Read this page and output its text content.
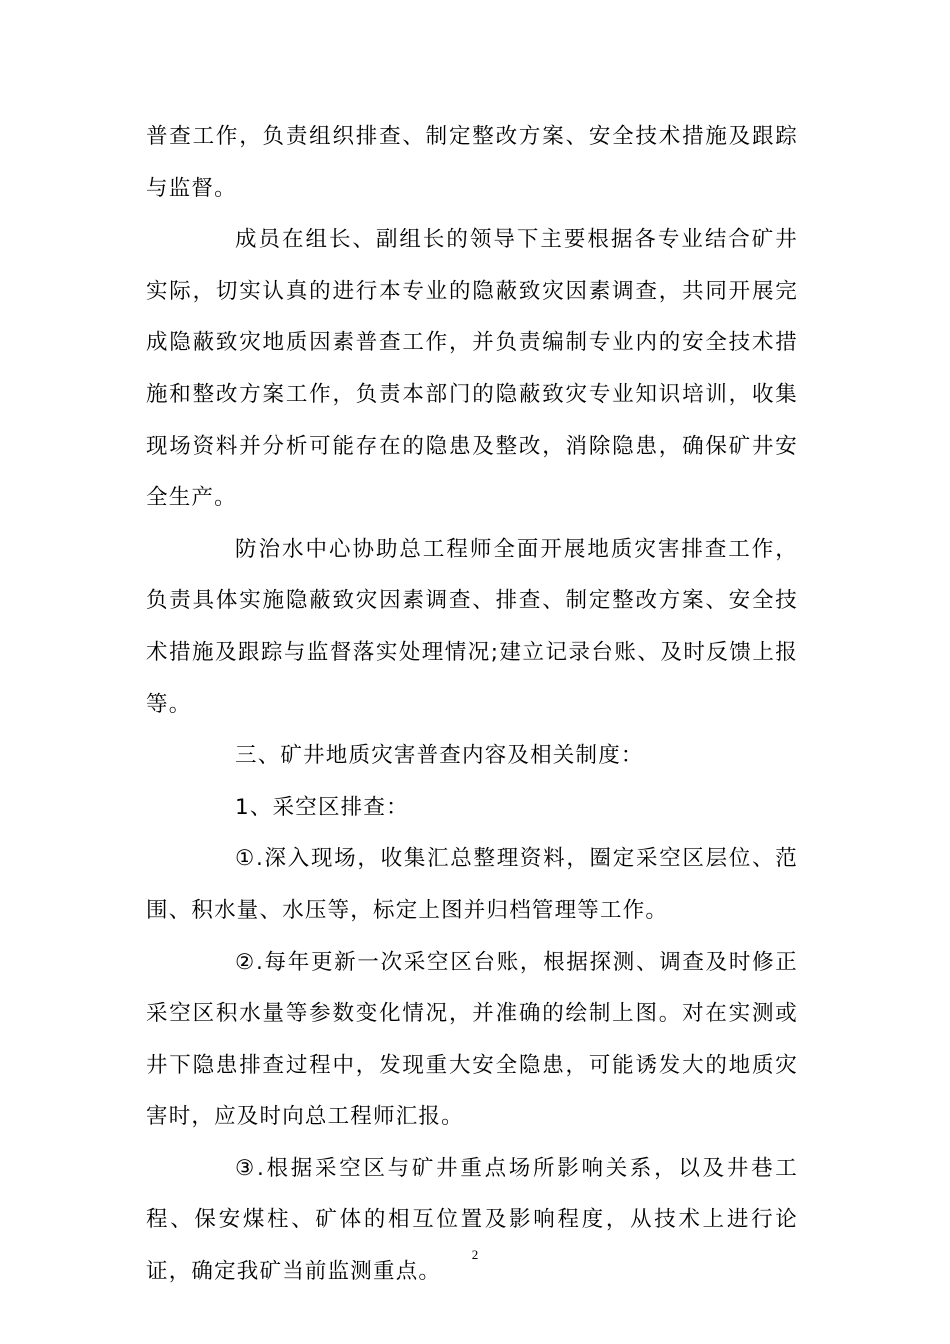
普查工作，负责组织排查、制定整改方案、安全技术措施及跟踪与监督。

成员在组长、副组长的领导下主要根据各专业结合矿井实际，切实认真的进行本专业的隐蔽致灾因素调查，共同开展完成隐蔽致灾地质因素普查工作，并负责编制专业内的安全技术措施和整改方案工作，负责本部门的隐蔽致灾专业知识培训，收集现场资料并分析可能存在的隐患及整改，消除隐患，确保矿井安全生产。

防治水中心协助总工程师全面开展地质灾害排查工作，负责具体实施隐蔽致灾因素调查、排查、制定整改方案、安全技术措施及跟踪与监督落实处理情况;建立记录台账、及时反馈上报等。

三、矿井地质灾害普查内容及相关制度：

1、采空区排查：

①.深入现场，收集汇总整理资料，圈定采空区层位、范围、积水量、水压等，标定上图并归档管理等工作。

②.每年更新一次采空区台账，根据探测、调查及时修正采空区积水量等参数变化情况，并准确的绘制上图。对在实测或井下隐患排查过程中，发现重大安全隐患，可能诱发大的地质灾害时，应及时向总工程师汇报。

③.根据采空区与矿井重点场所影响关系，以及井巷工程、保安煤柱、矿体的相互位置及影响程度，从技术上进行论证，确定我矿当前监测重点。

2
